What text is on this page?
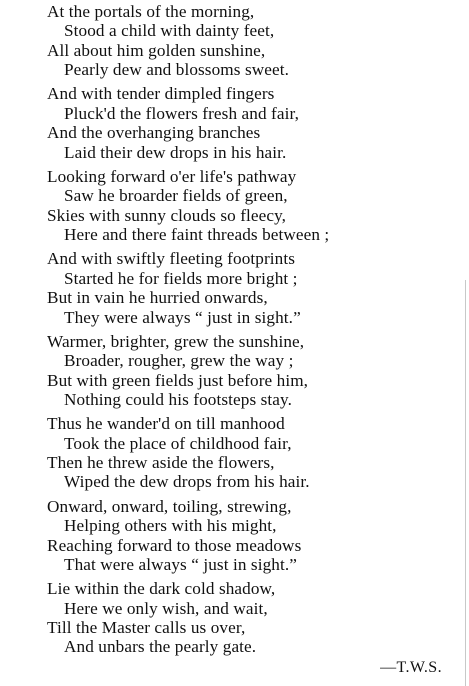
At the portals of the morning,
Stood a child with dainty feet,
All about him golden sunshine,
Pearly dew and blossoms sweet.
And with tender dimpled fingers
Pluck'd the flowers fresh and fair,
And the overhanging branches
Laid their dew drops in his hair.
Looking forward o'er life's pathway
Saw he broarder fields of green,
Skies with sunny clouds so fleecy,
Here and there faint threads between ;
And with swiftly fleeting footprints
Started he for fields more bright ;
But in vain he hurried onwards,
They were always “ just in sight.”
Warmer, brighter, grew the sunshine,
Broader, rougher, grew the way ;
But with green fields just before him,
Nothing could his footsteps stay.
Thus he wander'd on till manhood
Took the place of childhood fair,
Then he threw aside the flowers,
Wiped the dew drops from his hair.
Onward, onward, toiling, strewing,
Helping others with his might,
Reaching forward to those meadows
That were always “ just in sight.”
Lie within the dark cold shadow,
Here we only wish, and wait,
Till the Master calls us over,
And unbars the pearly gate.
—T.W.S.
